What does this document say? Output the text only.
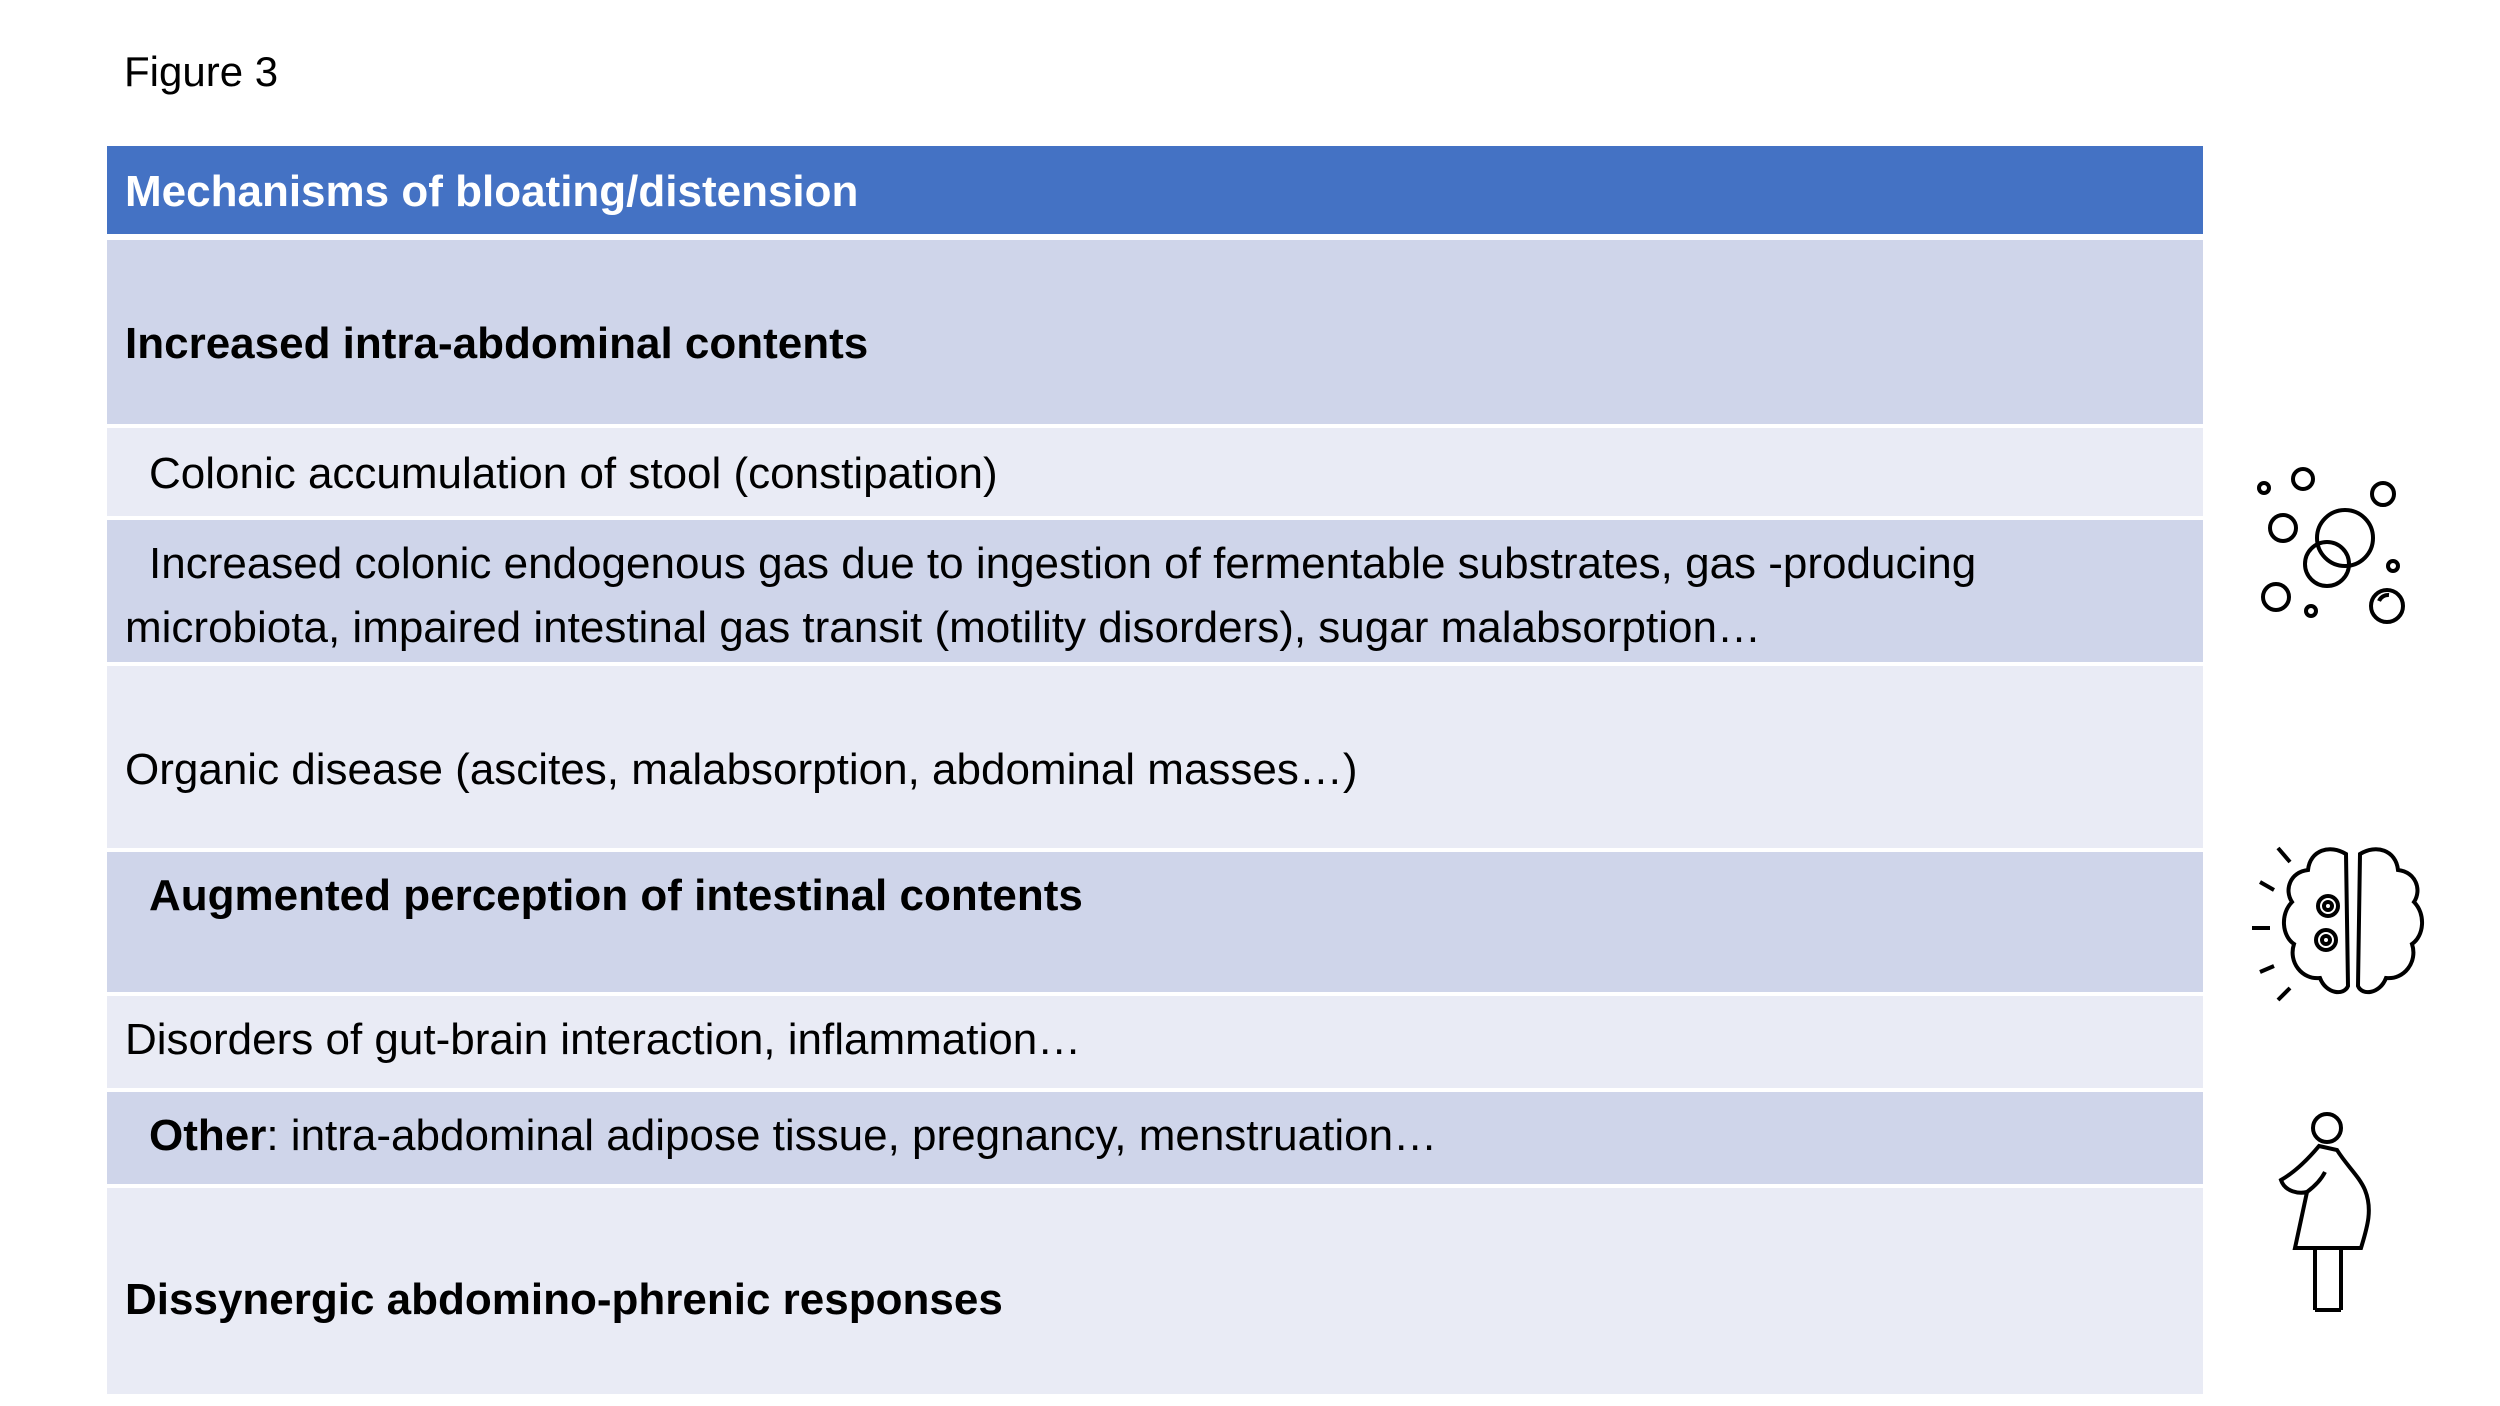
Figure 3
Mechanisms of bloating/distension
Increased intra-abdominal contents
Colonic accumulation of stool (constipation)
Increased colonic endogenous gas due to ingestion of fermentable substrates, gas -producing
microbiota, impaired intestinal gas transit (motility disorders), sugar malabsorption…
Organic disease (ascites, malabsorption, abdominal masses…)
Augmented perception of intestinal contents
Disorders of gut-brain interaction, inflammation…
Other: intra-abdominal adipose tissue, pregnancy, menstruation…
Dissynergic abdomino-phrenic responses
